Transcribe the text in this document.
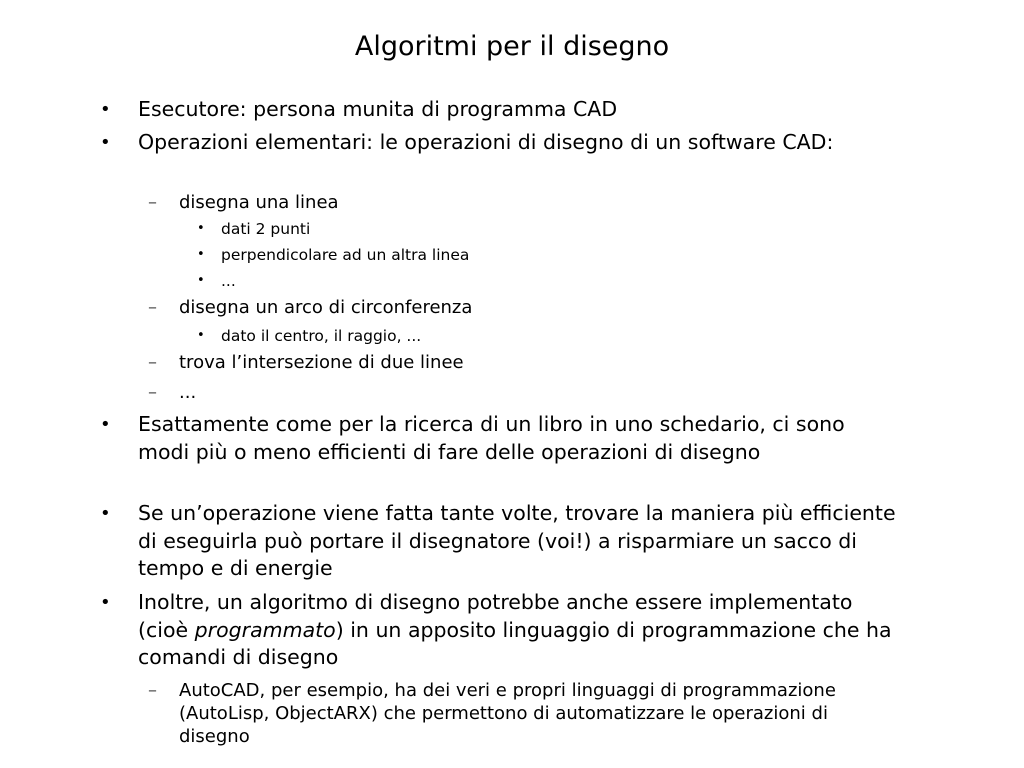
Algoritmi per il disegno
• Esecutore: persona munita di programma CAD
• Operazioni elementari: le operazioni di disegno di un software CAD:
– disegna una linea
• dati 2 punti
• perpendicolare ad un altra linea
• ...
– disegna un arco di circonferenza
• dato il centro, il raggio, ...
– trova l’intersezione di due linee
– ...
• Esattamente come per la ricerca di un libro in uno schedario, ci sono modi più o meno efficienti di fare delle operazioni di disegno
• Se un’operazione viene fatta tante volte, trovare la maniera più efficiente di eseguirla può portare il disegnatore (voi!) a risparmiare un sacco di tempo e di energie
• Inoltre, un algoritmo di disegno potrebbe anche essere implementato (cioè programmato) in un apposito linguaggio di programmazione che ha comandi di disegno
– AutoCAD, per esempio, ha dei veri e propri linguaggi di programmazione (AutoLisp, ObjectARX) che permettono di automatizzare le operazioni di disegno
